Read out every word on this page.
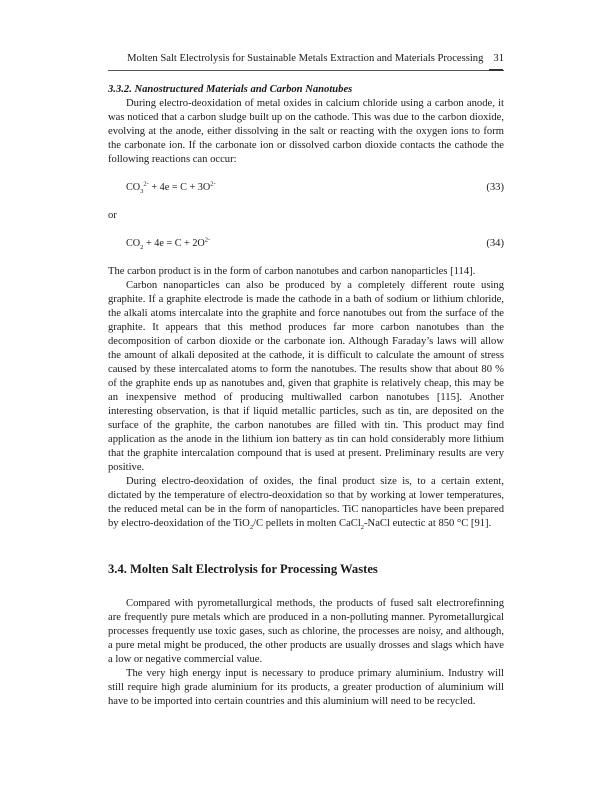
Molten Salt Electrolysis for Sustainable Metals Extraction and Materials Processing 31
3.3.2. Nanostructured Materials and Carbon Nanotubes

During electro-deoxidation of metal oxides in calcium chloride using a carbon anode, it was noticed that a carbon sludge built up on the cathode. This was due to the carbon dioxide, evolving at the anode, either dissolving in the salt or reacting with the oxygen ions to form the carbonate ion. If the carbonate ion or dissolved carbon dioxide contacts the cathode the following reactions can occur:

$CO_3^{2-} + 4e = C + 3O^{2-}$	(33)

or

$CO_2 + 4e = C + 2O^{2-}$	(34)

The carbon product is in the form of carbon nanotubes and carbon nanoparticles [114].

Carbon nanoparticles can also be produced by a completely different route using graphite. If a graphite electrode is made the cathode in a bath of sodium or lithium chloride, the alkali atoms intercalate into the graphite and force nanotubes out from the surface of the graphite. It appears that this method produces far more carbon nanotubes than the decomposition of carbon dioxide or the carbonate ion. Although Faraday’s laws will allow the amount of alkali deposited at the cathode, it is difficult to calculate the amount of stress caused by these intercalated atoms to form the nanotubes. The results show that about 80 % of the graphite ends up as nanotubes and, given that graphite is relatively cheap, this may be an inexpensive method of producing multiwalled carbon nanotubes [115]. Another interesting observation, is that if liquid metallic particles, such as tin, are deposited on the surface of the graphite, the carbon nanotubes are filled with tin. This product may find application as the anode in the lithium ion battery as tin can hold considerably more lithium that the graphite intercalation compound that is used at present. Preliminary results are very positive.

During electro-deoxidation of oxides, the final product size is, to a certain extent, dictated by the temperature of electro-deoxidation so that by working at lower temperatures, the reduced metal can be in the form of nanoparticles. TiC nanoparticles have been prepared by electro-deoxidation of the TiO$_2$/C pellets in molten CaCl$_2$-NaCl eutectic at 850 °C [91].

3.4. Molten Salt Electrolysis for Processing Wastes

Compared with pyrometallurgical methods, the products of fused salt electrorefinning are frequently pure metals which are produced in a non-polluting manner. Pyrometallurgical processes frequently use toxic gases, such as chlorine, the processes are noisy, and although, a pure metal might be produced, the other products are usually drosses and slags which have a low or negative commercial value.

The very high energy input is necessary to produce primary aluminium. Industry will still require high grade aluminium for its products, a greater production of aluminium will have to be imported into certain countries and this aluminium will need to be recycled.
